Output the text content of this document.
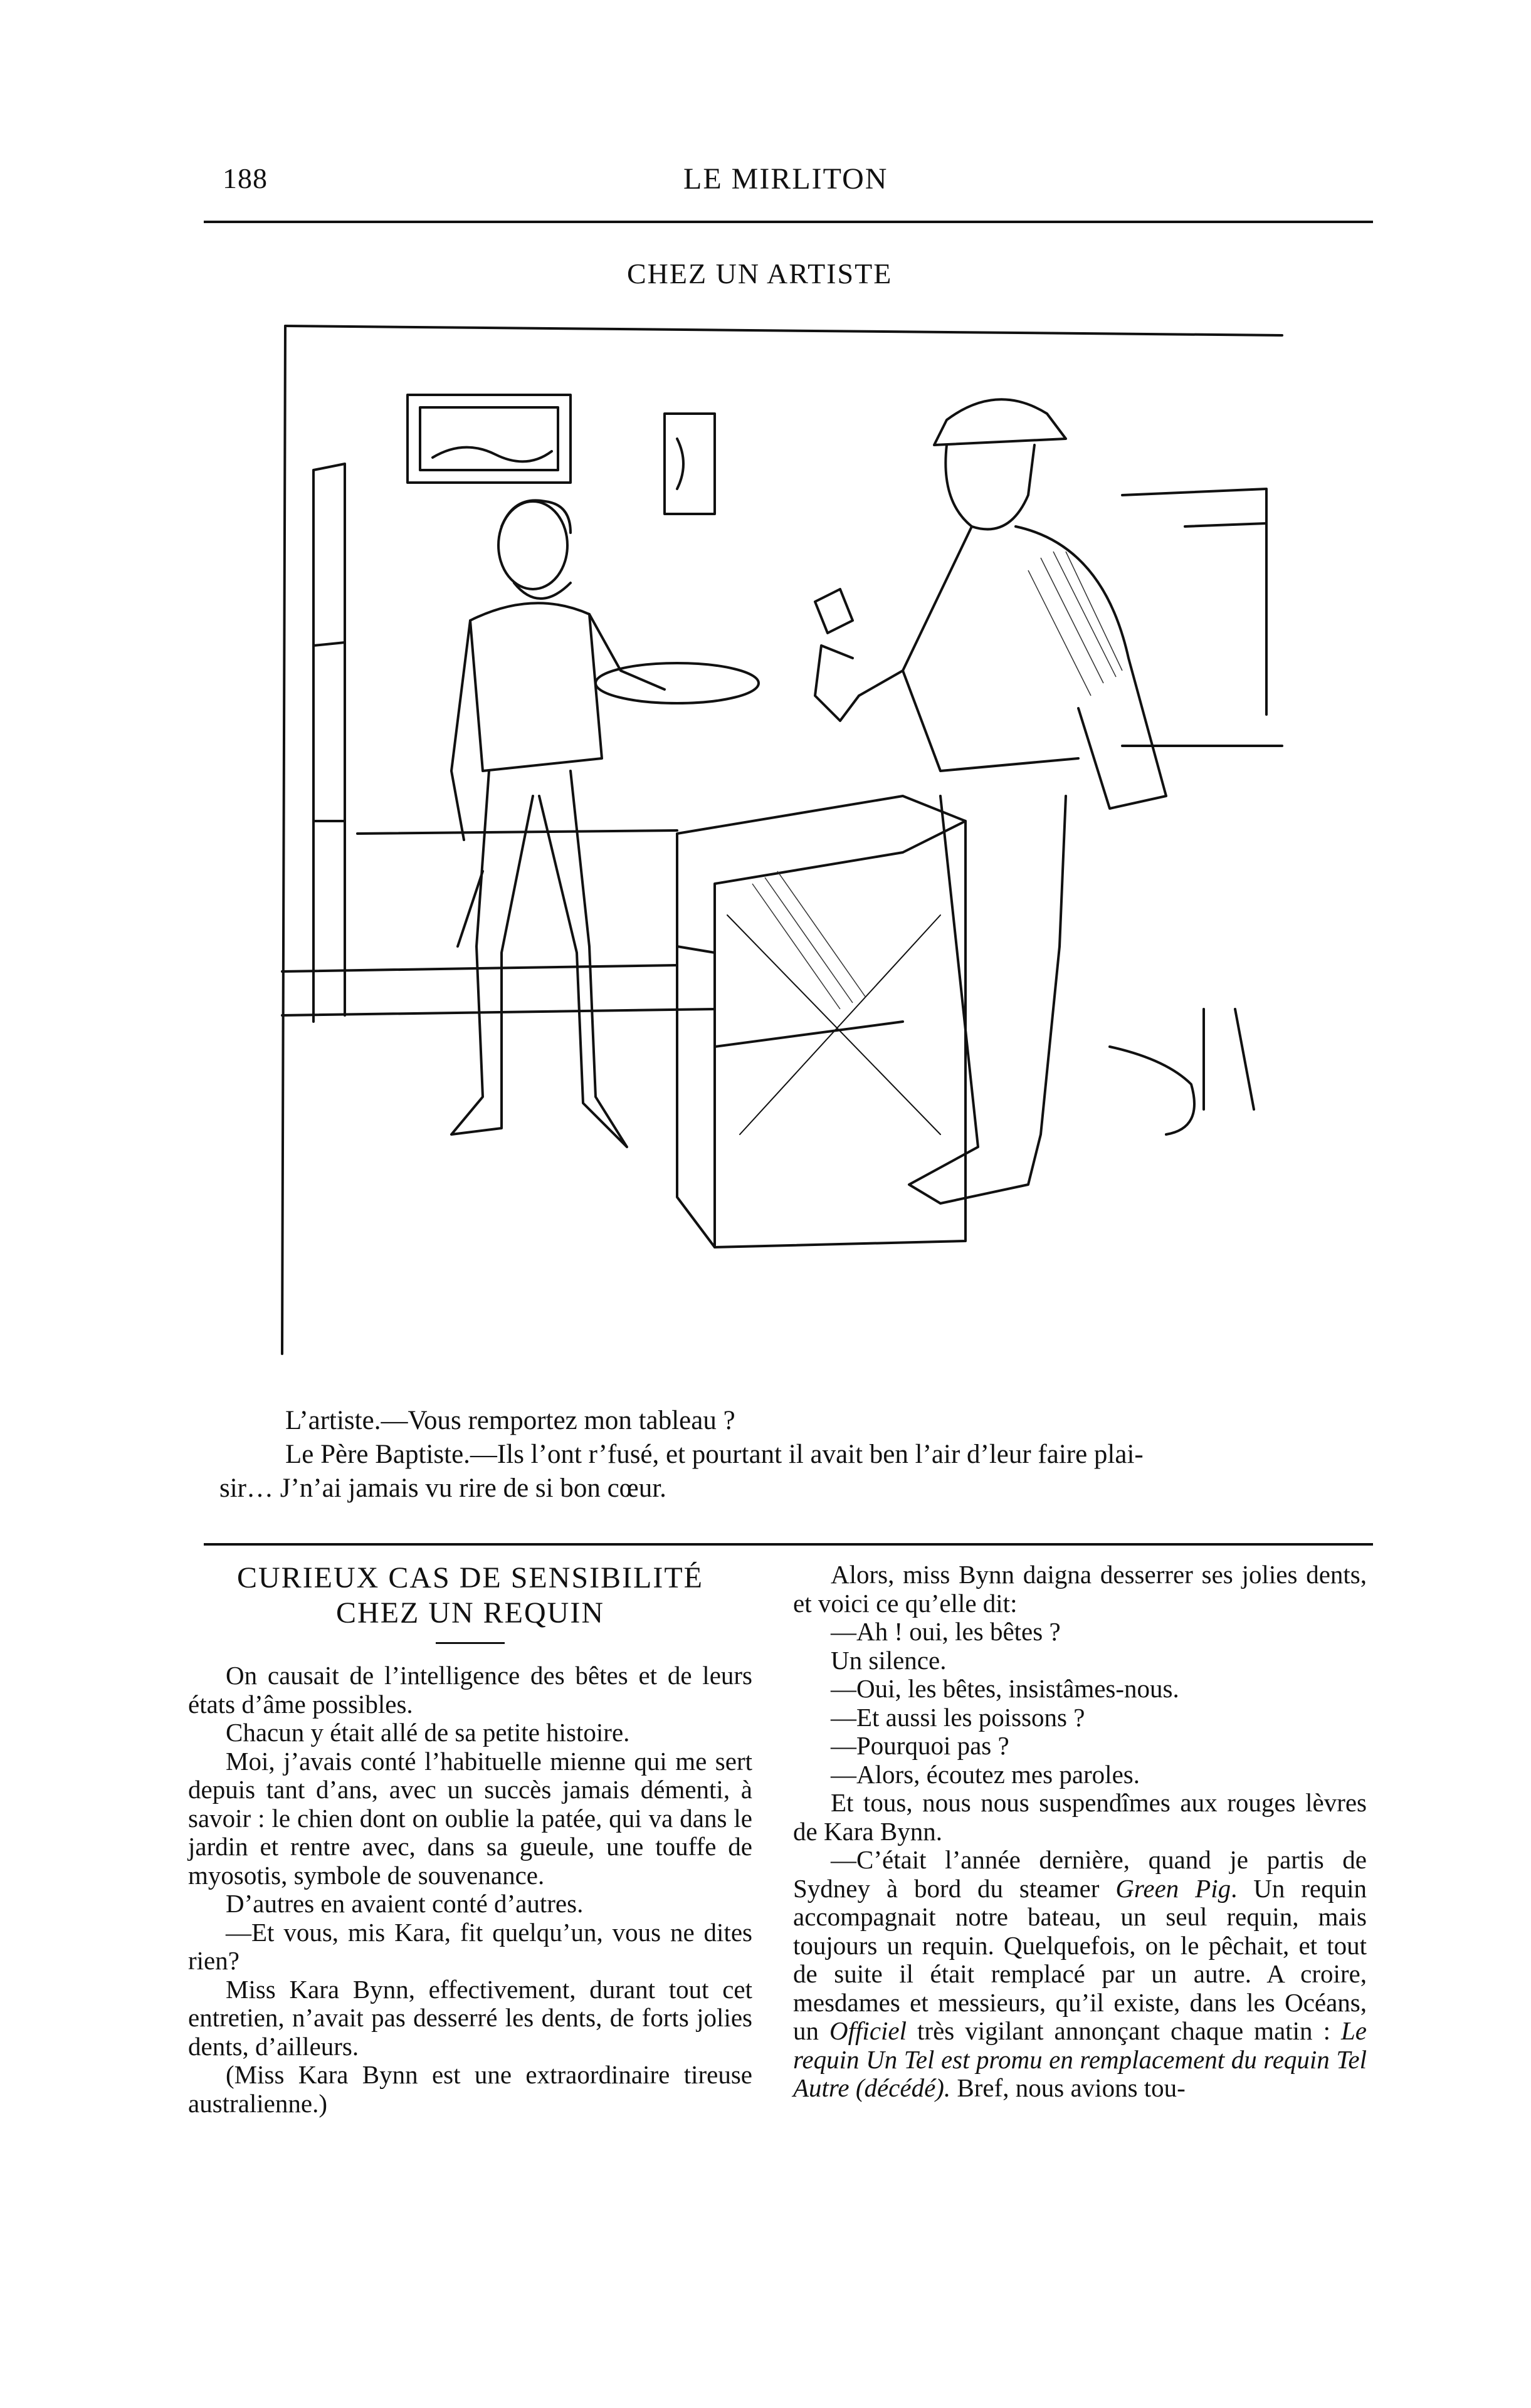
188	LE MIRLITON
CHEZ UN ARTISTE

L’artiste.—Vous remportez mon tableau ?

Le Père Baptiste.—Ils l’ont r’fusé, et pourtant il avait ben l’air d’leur faire plai-

sir… J’n’ai jamais vu rire de si bon cœur.

CURIEUX CAS DE SENSIBILITÉ
CHEZ UN REQUIN

On causait de l’intelligence des bêtes et de leurs états d’âme possibles.

Chacun y était allé de sa petite histoire.

Moi, j’avais conté l’habituelle mienne qui me sert depuis tant d’ans, avec un succès jamais démenti, à savoir : le chien dont on oublie la patée, qui va dans le jardin et rentre avec, dans sa gueule, une touffe de myosotis, symbole de souvenance.

D’autres en avaient conté d’autres.

—Et vous, mis Kara, fit quelqu’un, vous ne dites rien?

Miss Kara Bynn, effectivement, durant tout cet entretien, n’avait pas desserré les dents, de forts jolies dents, d’ailleurs.

(Miss Kara Bynn est une extraordinaire tireuse australienne.)

Alors, miss Bynn daigna desserrer ses jolies dents, et voici ce qu’elle dit:

—Ah ! oui, les bêtes ?

Un silence.

—Oui, les bêtes, insistâmes-nous.

—Et aussi les poissons ?

—Pourquoi pas ?

—Alors, écoutez mes paroles.

Et tous, nous nous suspendîmes aux rouges lèvres de Kara Bynn.

—C’était l’année dernière, quand je partis de Sydney à bord du steamer Green Pig. Un requin accompagnait notre bateau, un seul requin, mais toujours un requin. Quelquefois, on le pêchait, et tout de suite il était remplacé par un autre. A croire, mesdames et messieurs, qu’il existe, dans les Océans, un Officiel très vigilant annonçant chaque matin : Le requin Un Tel est promu en remplacement du requin Tel Autre (décédé). Bref, nous avions tou-
